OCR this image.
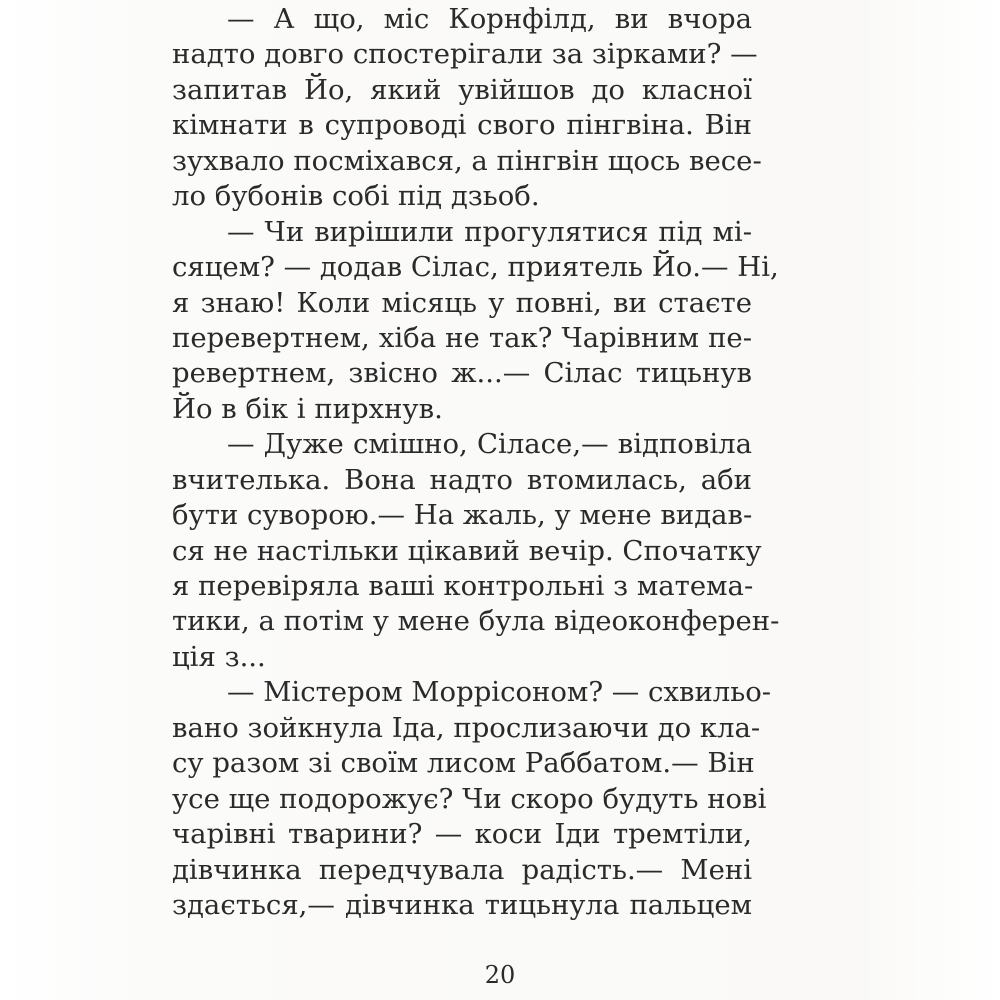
— А що, міс Корнфілд, ви вчора
надто довго спостерігали за зірками? —
запитав Йо, який увійшов до класної
кімнати в супроводі свого пінгвіна. Він
зухвало посміхався, а пінгвін щось весе-
ло бубонів собі під дзьоб.
— Чи вирішили прогулятися під мі-
сяцем? — додав Сілас, приятель Йо.— Ні,
я знаю! Коли місяць у повні, ви стаєте
перевертнем, хіба не так? Чарівним пе-
ревертнем, звісно ж...— Сілас тицьнув
Йо в бік і пирхнув.
— Дуже смішно, Сіласе,— відповіла
вчителька. Вона надто втомилась, аби
бути суворою.— На жаль, у мене видав-
ся не настільки цікавий вечір. Спочатку
я перевіряла ваші контрольні з матема-
тики, а потім у мене була відеоконферен-
ція з...
— Містером Моррісоном? — схвильо-
вано зойкнула Іда, прослизаючи до кла-
су разом зі своїм лисом Раббатом.— Він
усе ще подорожує? Чи скоро будуть нові
чарівні тварини? — коси Іди тремтіли,
дівчинка передчувала радість.— Мені
здається,— дівчинка тицьнула пальцем
20
